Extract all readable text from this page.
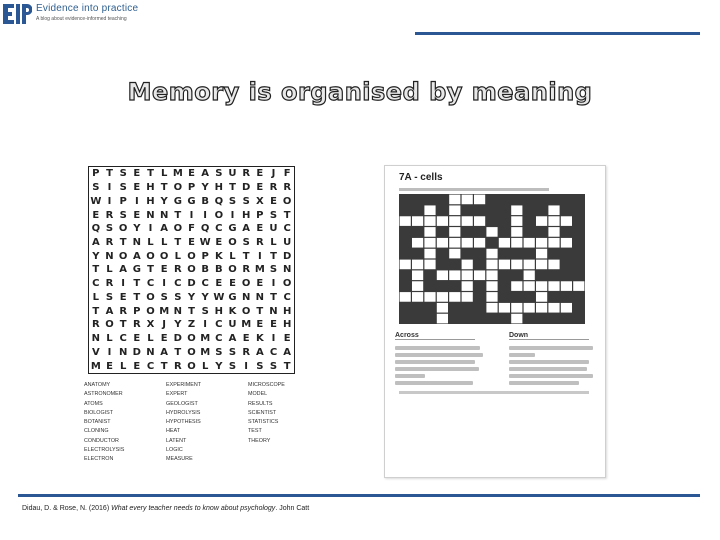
Evidence into practice
A blog about evidence-informed teaching
Memory is organised by meaning
P T S E T L M E A S U R E J F
S I S E H T O P Y H T D E R R
W I P I H Y G G B Q S S X E O
E R S E N N T I I O I H P S T
Q S O Y I A O F Q C G A E U C
A R T N L L T E W E O S R L U
Y N O A O O L O P K L T I T D
T L A G T E R O B B O R M S N
C R I T C I C D C E E O E I O
L S E T O S S Y Y W G N N T C
T A R P O M N T S H K O T N H
R O T R X J Y Z I C U M E E H
N L C E L E D O M C A E K I E
V I N D N A T O M S S R A C A
M E L E C T R O L Y S I S S T
ANATOMY
ASTRONOMER
ATOMS
BIOLOGIST
BOTANIST
CLONING
CONDUCTOR
ELECTROLYSIS
ELECTRON
EXPERIMENT
EXPERT
GEOLOGIST
HYDROLYSIS
HYPOTHESIS
HEAT
LATENT
LOGIC
MEASURE
MICROSCOPE
MODEL
RESULTS
SCIENTIST
STATISTICS
TEST
THEORY
7A - cells
Across	Down
Didau, D. & Rose, N. (2016) What every teacher needs to know about psychology. John Catt
